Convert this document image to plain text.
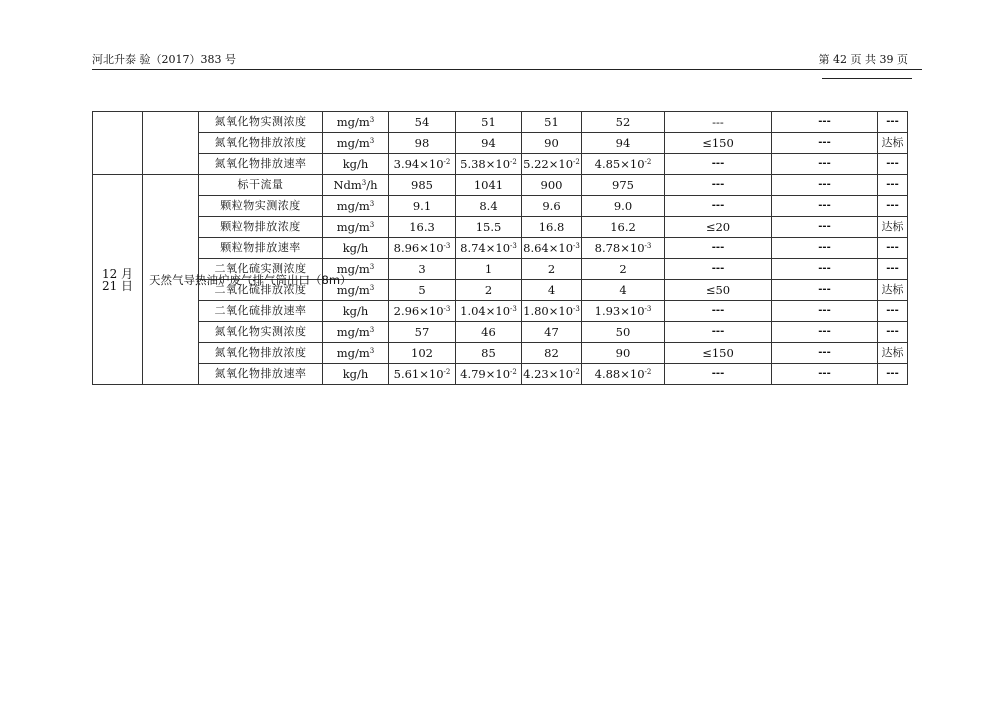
河北升泰 验（2017）383 号	第 42 页 共 39 页
		氮氧化物实测浓度	$mg/m^3$	54	51	51	52	---	---	---
		氮氧化物排放浓度	$mg/m^3$	98	94	90	94	≤150	---	达标
		氮氧化物排放速率	kg/h	$3.94\times 10^{-2}$	$5.38\times 10^{-2}$	$5.22\times 10^{-2}$	$4.85\times 10^{-2}$	---	---	---

12 月
21 日	天然气导热油炉废气排气筒出口（8m）	标干流量	Ndm$^3$/h	985	1041	900	975	---	---	---
		颗粒物实测浓度	$mg/m^3$	9.1	8.4	9.6	9.0	---	---	---
		颗粒物排放浓度	$mg/m^3$	16.3	15.5	16.8	16.2	≤20	---	达标
		颗粒物排放速率	kg/h	$8.96\times 10^{-3}$	$8.74\times 10^{-3}$	$8.64\times 10^{-3}$	$8.78\times 10^{-3}$	---	---	---
		二氧化硫实测浓度	$mg/m^3$	3	1	2	2	---	---	---
		二氧化硫排放浓度	$mg/m^3$	5	2	4	4	≤50	---	达标
		二氧化硫排放速率	kg/h	$2.96\times 10^{-3}$	$1.04\times 10^{-3}$	$1.80\times 10^{-3}$	$1.93\times 10^{-3}$	---	---	---
		氮氧化物实测浓度	$mg/m^3$	57	46	47	50	---	---	---
		氮氧化物排放浓度	$mg/m^3$	102	85	82	90	≤150	---	达标
		氮氧化物排放速率	kg/h	$5.61\times 10^{-2}$	$4.79\times 10^{-2}$	$4.23\times 10^{-2}$	$4.88\times 10^{-2}$	---	---	---
